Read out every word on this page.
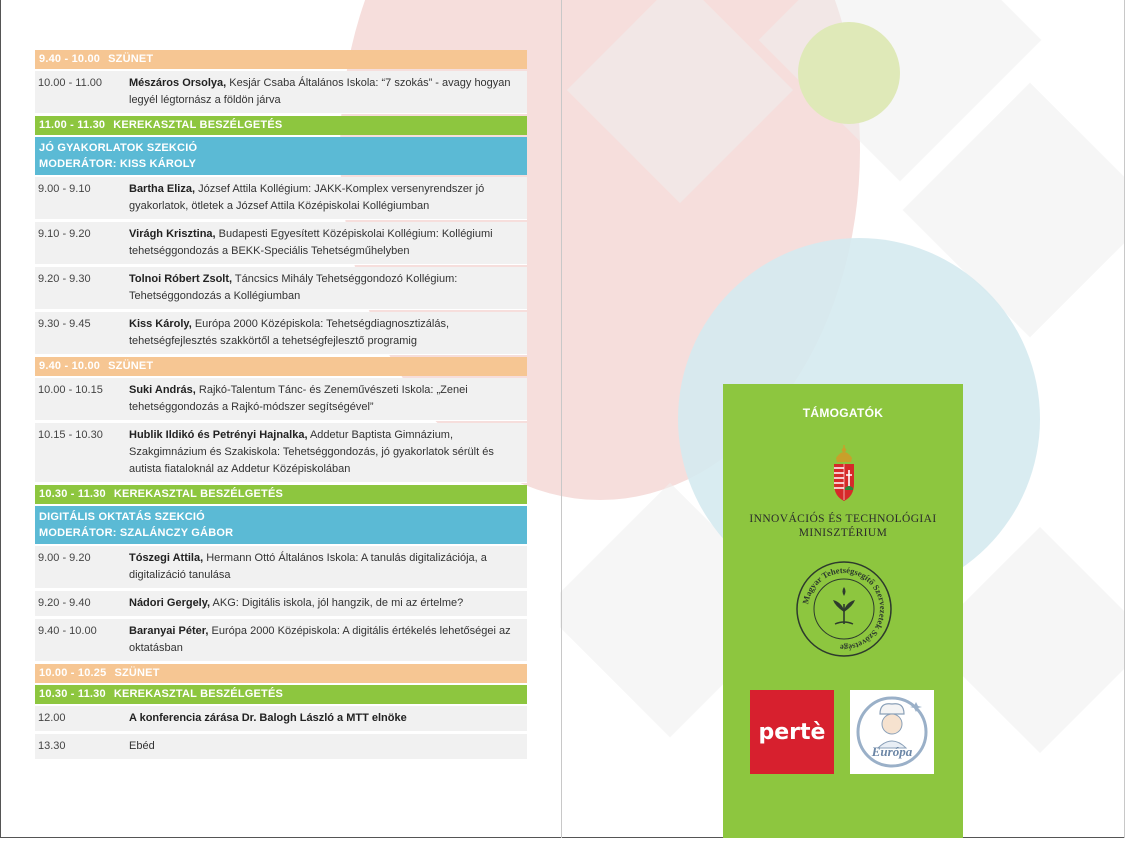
9.40 - 10.00 SZÜNET
10.00 - 11.00	Mészáros Orsolya, Kesjár Csaba Általános Iskola: “7 szokás” - avagy hogyan legyél légtornász a földön járva
11.00 - 11.30 KEREKASZTAL BESZÉLGETÉS
JÓ GYAKORLATOK SZEKCIÓ
MODERÁTOR: KISS KÁROLY
9.00 - 9.10	Bartha Eliza, József Attila Kollégium: JAKK-Komplex versenyrendszer jó gyakorlatok, ötletek a József Attila Középiskolai Kollégiumban
9.10 - 9.20	Virágh Krisztina, Budapesti Egyesített Középiskolai Kollégium: Kollégiumi tehetséggondozás a BEKK-Speciális Tehetségműhelyben
9.20 - 9.30	Tolnoi Róbert Zsolt, Táncsics Mihály Tehetséggondozó Kollégium: Tehetséggondozás a Kollégiumban
9.30 - 9.45	Kiss Károly, Európa 2000 Középiskola: Tehetségdiagnosztizálás, tehetségfejlesztés szakkörtől a tehetségfejlesztő programig
9.40 - 10.00 SZÜNET
10.00 - 10.15	Suki András, Rajkó-Talentum Tánc- és Zeneművészeti Iskola: „Zenei tehetséggondozás a Rajkó-módszer segítségével”
10.15 - 10.30	Hublik Ildikó és Petrényi Hajnalka, Addetur Baptista Gimnázium, Szakgimnázium és Szakiskola: Tehetséggondozás, jó gyakorlatok sérült és autista fiataloknál az Addetur Középiskolában
10.30 - 11.30 KEREKASZTAL BESZÉLGETÉS
DIGITÁLIS OKTATÁS SZEKCIÓ
MODERÁTOR: SZALÁNCZY GÁBOR
9.00 - 9.20	Tószegi Attila, Hermann Ottó Általános Iskola: A tanulás digitalizációja, a digitalizáció tanulása
9.20 - 9.40	Nádori Gergely, AKG: Digitális iskola, jól hangzik, de mi az értelme?
9.40 - 10.00	Baranyai Péter, Európa 2000 Középiskola: A digitális értékelés lehetőségei az oktatásban
10.00 - 10.25 SZÜNET
10.30 - 11.30 KEREKASZTAL BESZÉLGETÉS
12.00	A konferencia zárása Dr. Balogh László a MTT elnöke
13.30	Ebéd
TÁMOGATÓK
INNOVÁCIÓS ÉS TECHNOLÓGIAI
MINISZTÉRIUM
Magyar Tehetségsegítő Szervezetek Szövetsége
pertè
Európa
